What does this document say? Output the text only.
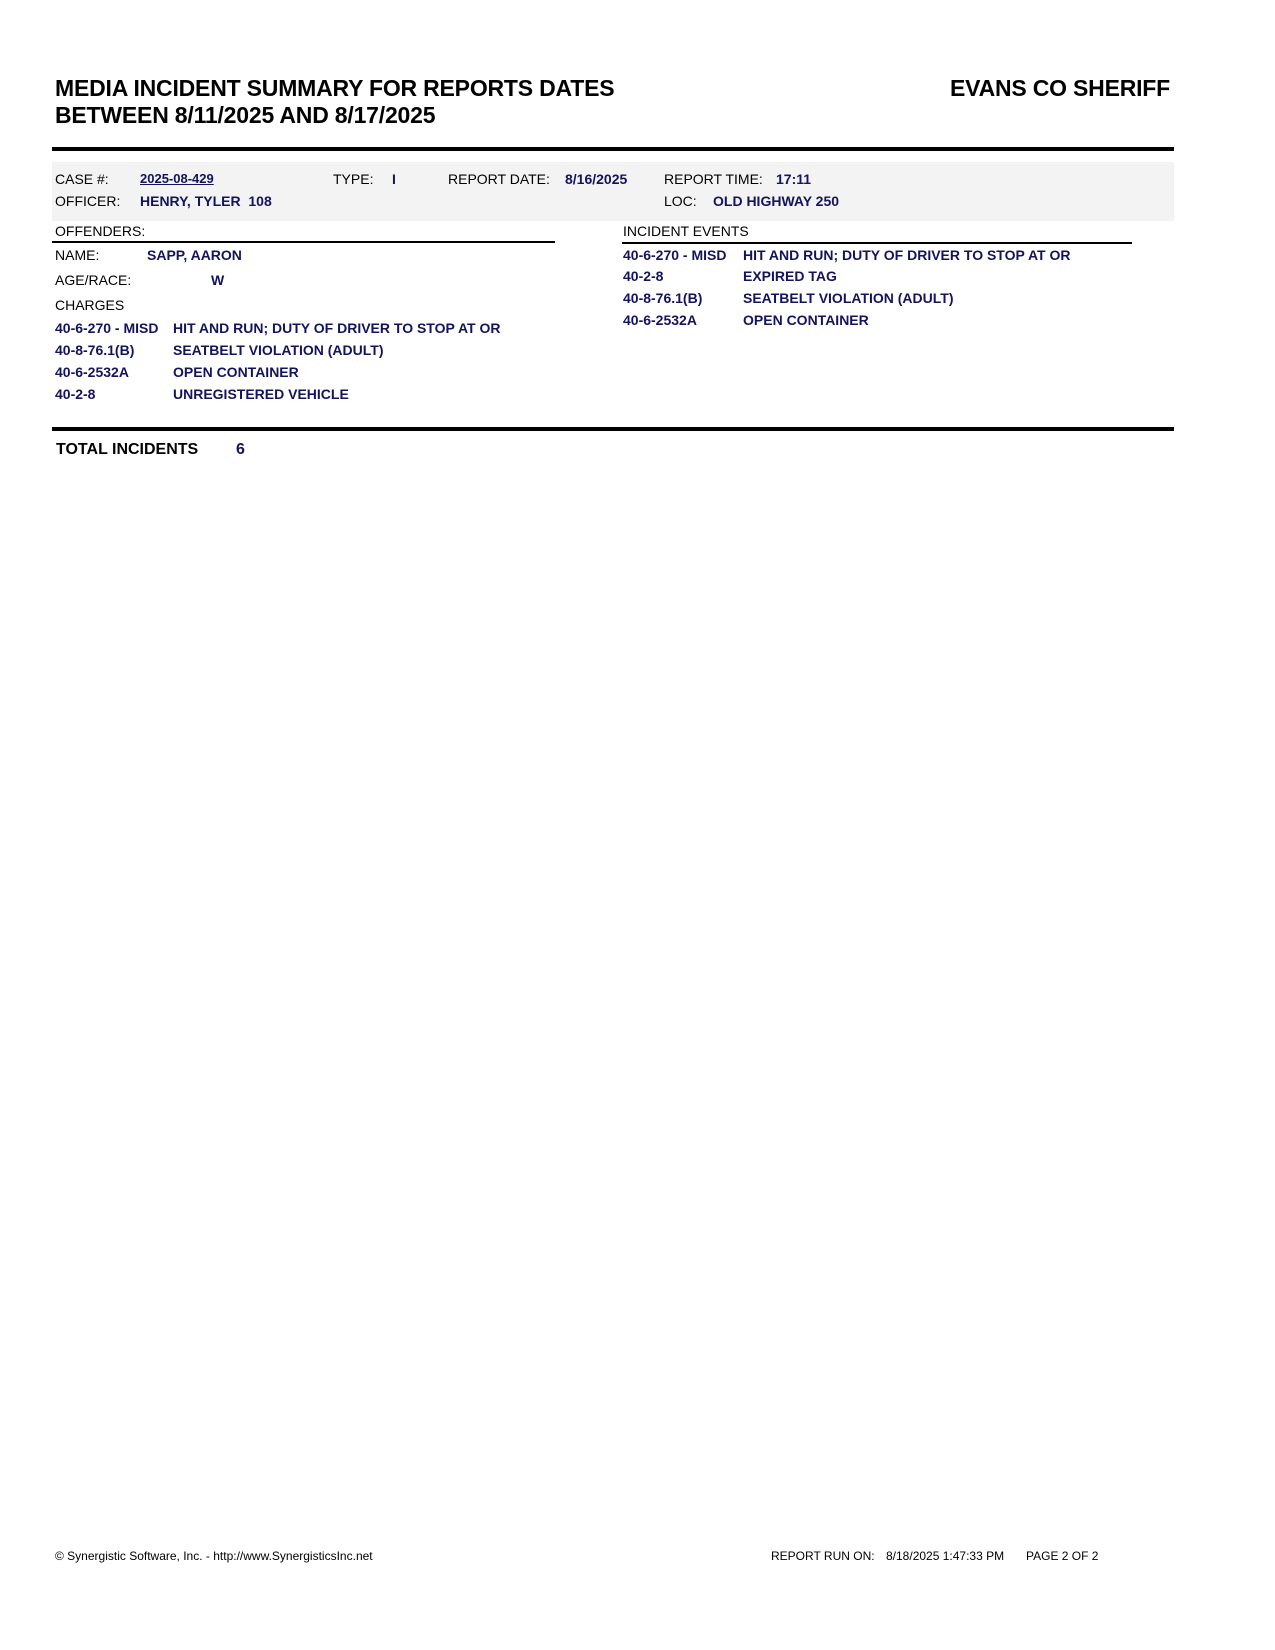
MEDIA INCIDENT SUMMARY FOR REPORTS DATES
BETWEEN 8/11/2025 AND 8/17/2025
EVANS CO SHERIFF
CASE #: 2025-08-429	TYPE: I	REPORT DATE: 8/16/2025	REPORT TIME: 17:11
OFFICER: HENRY, TYLER  108	LOC: OLD HIGHWAY 250
OFFENDERS:
NAME:	SAPP, AARON
AGE/RACE:	W
CHARGES
40-6-270 - MISD HIT AND RUN; DUTY OF DRIVER TO STOP AT OR
40-8-76.1(B)	SEATBELT VIOLATION (ADULT)
40-6-2532A	OPEN CONTAINER
40-2-8	UNREGISTERED VEHICLE
INCIDENT EVENTS
40-6-270 - MISD HIT AND RUN; DUTY OF DRIVER TO STOP AT OR
40-2-8	EXPIRED TAG
40-8-76.1(B)	SEATBELT VIOLATION (ADULT)
40-6-2532A	OPEN CONTAINER
TOTAL INCIDENTS 6
© Synergistic Software, Inc. - http://www.SynergisticsInc.net	REPORT RUN ON: 8/18/2025 1:47:33 PM PAGE 2 OF 2
